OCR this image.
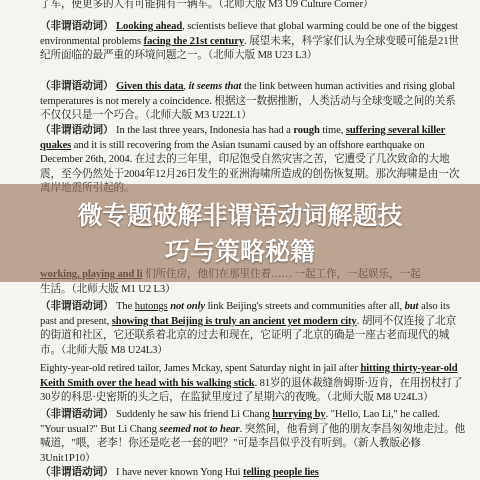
了车，使更多的人有可能拥有一辆车。（北师大版 M3 U9 Culture Corner）

（非谓语动词） Looking ahead, scientists believe that global warming could be one of the biggest environmental problems facing the 21st century. 展望未来，科学家们认为全球变暖可能是21世纪所面临的最严重的环境问题之一。（北师大版 M8 U23 L3）

（非谓语动词） Given this data, it seems that the link between human activities and rising global temperatures is not merely a coincidence. 根据这一数据推断，人类活动与全球变暖之间的关系不仅仅只是一个巧合。（北师大版 M3 U22L1）

（非谓语动词） In the last three years, Indonesia has had a rough time, suffering several killer quakes and it is still recovering from the Asian tsunami caused by an offshore earthquake on December 26th, 2004. 在过去的三年里，印尼饱受自然灾害之苦，它遭受了几次致命的大地震，至今仍然处于2004年12月26日发生的亚洲海啸所造成的创伤恢复期。那次海啸是由一次

生活。（北师大版 M1 U2 L3）

（非谓语动词） The hutongs not only link Beijing's streets and communities after all, but also its past and present, showing that Beijing is truly an ancient yet modern city. 胡同不仅连接了北京的街道和社区，它还联系着北京的过去和现在，它证明了北京的确是一座古老而现代的城市。（北师大版 M8 U24L3）

Eighty-year-old retired tailor, James Mckay, spent Saturday night in jail after hitting thirty-year-old Keith Smith over the head with his walking stick. 81岁的退休裁缝詹姆斯·迈肯，在用拐杖打了30岁的科思·史密斯的头之后，在监狱里度过了星期六的夜晚。（北师大版 M8 U24L3）

（非谓语动词） Suddenly he saw his friend Li Chang hurrying by. "Hello, Lao Li," he called. "Your usual?" But Li Chang seemed not to hear. 突然间，他看到了他的朋友李昌匆匆地走过。他喊道，"喂，老李！你还是吃老一套的吧？"可是李昌似乎没有听到。（新人教版必修 3Unit1P10）

（非谓语动词） I have never known Yong Hui telling people lies

微专题破解非谓语动词解题技
巧与策略秘籍
